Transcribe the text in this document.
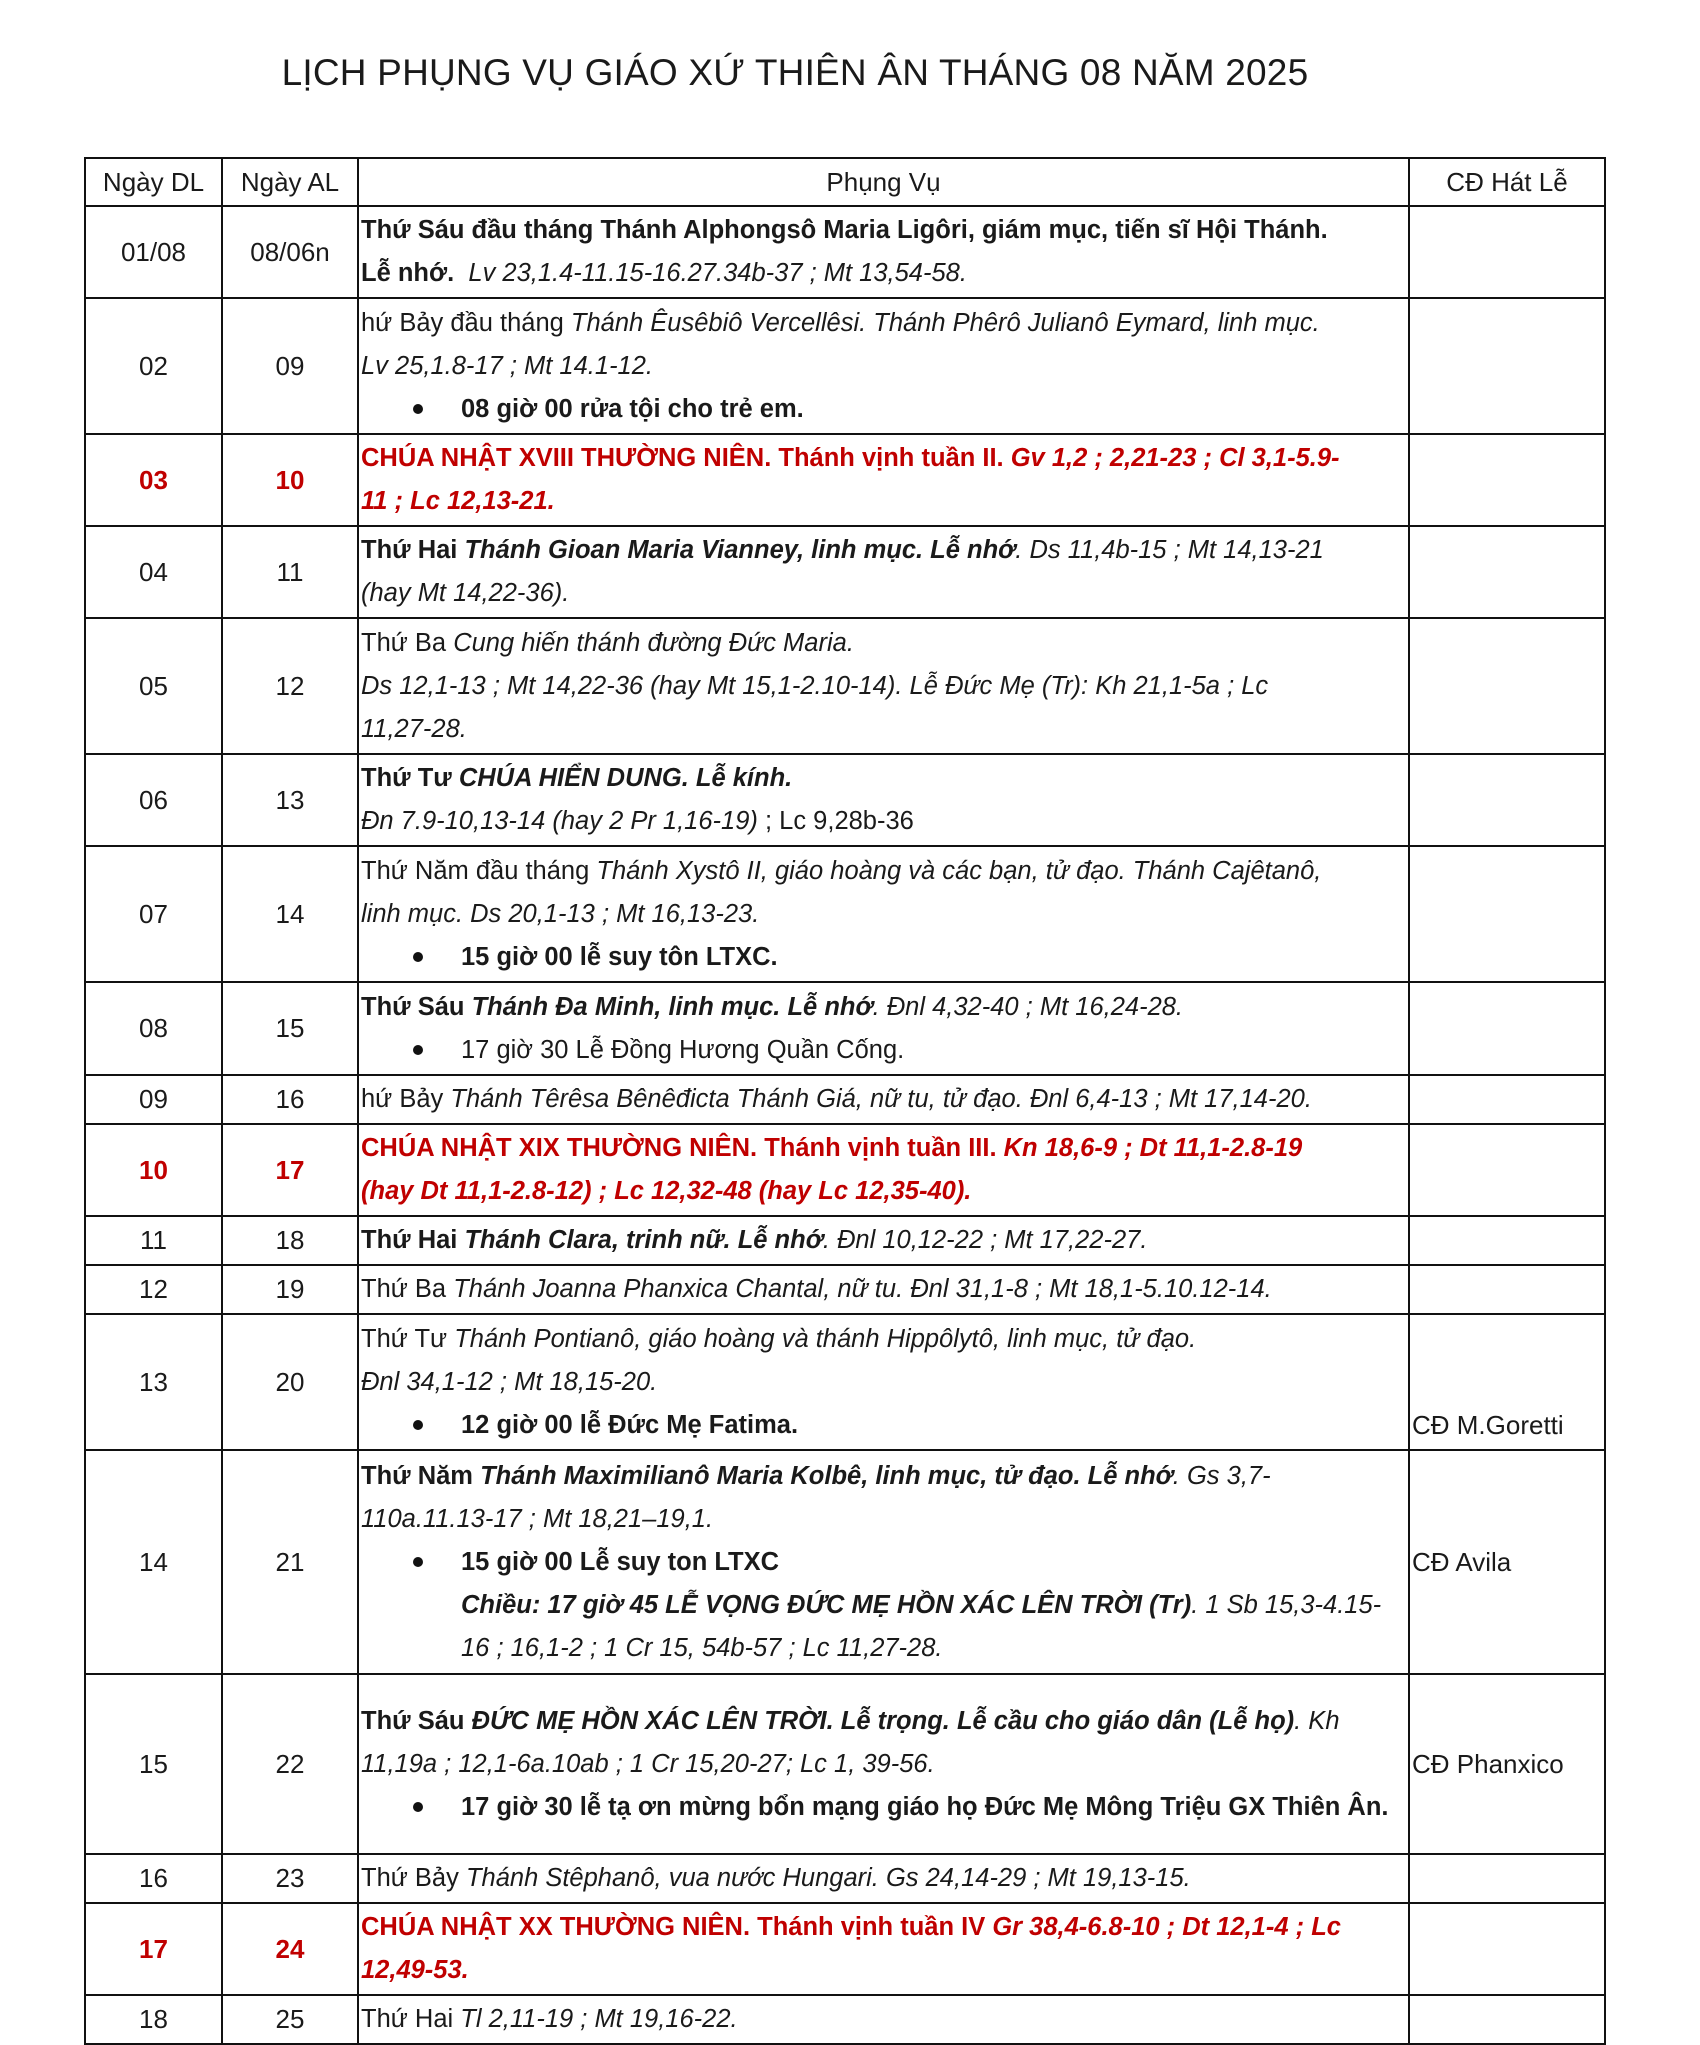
LỊCH PHỤNG VỤ GIÁO XỨ THIÊN ÂN THÁNG 08 NĂM 2025
Ngày DL	Ngày AL	Phụng Vụ	CĐ Hát Lễ
01/08	08/06n	Thứ Sáu đầu tháng Thánh Alphongsô Maria Ligôri, giám mục, tiến sĩ Hội Thánh.
Lễ nhớ. Lv 23,1.4-11.15-16.27.34b-37 ; Mt 13,54-58.	

02	09	hứ Bảy đầu tháng Thánh Êusêbiô Vercellêsi. Thánh Phêrô Julianô Eymard, linh mục.
Lv 25,1.8-17 ; Mt 14.1-12.
08 giờ 00 rửa tội cho trẻ em.	

03	10	CHÚA NHẬT XVIII THƯỜNG NIÊN. Thánh vịnh tuần II. Gv 1,2 ; 2,21-23 ; Cl 3,1-5.9-
11 ; Lc 12,13-21.	

04	11	Thứ Hai Thánh Gioan Maria Vianney, linh mục. Lễ nhớ. Ds 11,4b-15 ; Mt 14,13-21
(hay Mt 14,22-36).	

05	12	Thứ Ba Cung hiến thánh đường Đức Maria.
Ds 12,1-13 ; Mt 14,22-36 (hay Mt 15,1-2.10-14). Lễ Đức Mẹ (Tr): Kh 21,1-5a ; Lc
11,27-28.	

06	13	Thứ Tư CHÚA HIỂN DUNG. Lễ kính.
Đn 7.9-10,13-14 (hay 2 Pr 1,16-19) ; Lc 9,28b-36	

07	14	Thứ Năm đầu tháng Thánh Xystô II, giáo hoàng và các bạn, tử đạo. Thánh Cajêtanô,
linh mục. Ds 20,1-13 ; Mt 16,13-23.
15 giờ 00 lễ suy tôn LTXC.	

08	15	Thứ Sáu Thánh Đa Minh, linh mục. Lễ nhớ. Đnl 4,32-40 ; Mt 16,24-28.
17 giờ 30 Lễ Đồng Hương Quần Cống.	

09	16	hứ Bảy Thánh Têrêsa Bênêđicta Thánh Giá, nữ tu, tử đạo. Đnl 6,4-13 ; Mt 17,14-20.	

10	17	CHÚA NHẬT XIX THƯỜNG NIÊN. Thánh vịnh tuần III. Kn 18,6-9 ; Dt 11,1-2.8-19
(hay Dt 11,1-2.8-12) ; Lc 12,32-48 (hay Lc 12,35-40).	

11	18	Thứ Hai Thánh Clara, trinh nữ. Lễ nhớ. Đnl 10,12-22 ; Mt 17,22-27.	

12	19	Thứ Ba Thánh Joanna Phanxica Chantal, nữ tu. Đnl 31,1-8 ; Mt 18,1-5.10.12-14.	

13	20	Thứ Tư Thánh Pontianô, giáo hoàng và thánh Hippôlytô, linh mục, tử đạo.
Đnl 34,1-12 ; Mt 18,15-20.
12 giờ 00 lễ Đức Mẹ Fatima.	CĐ M.Goretti
14	21	Thứ Năm Thánh Maximilianô Maria Kolbê, linh mục, tử đạo. Lễ nhớ. Gs 3,7-
110a.11.13-17 ; Mt 18,21–19,1.
15 giờ 00 Lễ suy ton LTXC
Chiều: 17 giờ 45 LỄ VỌNG ĐỨC MẸ HỒN XÁC LÊN TRỜI (Tr). 1 Sb 15,3-4.15-
16 ; 16,1-2 ; 1 Cr 15, 54b-57 ; Lc 11,27-28.	CĐ Avila
15	22	Thứ Sáu ĐỨC MẸ HỒN XÁC LÊN TRỜI. Lễ trọng. Lễ cầu cho giáo dân (Lễ họ). Kh
11,19a ; 12,1-6a.10ab ; 1 Cr 15,20-27; Lc 1, 39-56.
17 giờ 30 lễ tạ ơn mừng bổn mạng giáo họ Đức Mẹ Mông Triệu GX Thiên Ân.	CĐ Phanxico
16	23	Thứ Bảy Thánh Stêphanô, vua nước Hungari. Gs 24,14-29 ; Mt 19,13-15.	

17	24	CHÚA NHẬT XX THƯỜNG NIÊN. Thánh vịnh tuần IV Gr 38,4-6.8-10 ; Dt 12,1-4 ; Lc
12,49-53.	

18	25	Thứ Hai Tl 2,11-19 ; Mt 19,16-22.	
